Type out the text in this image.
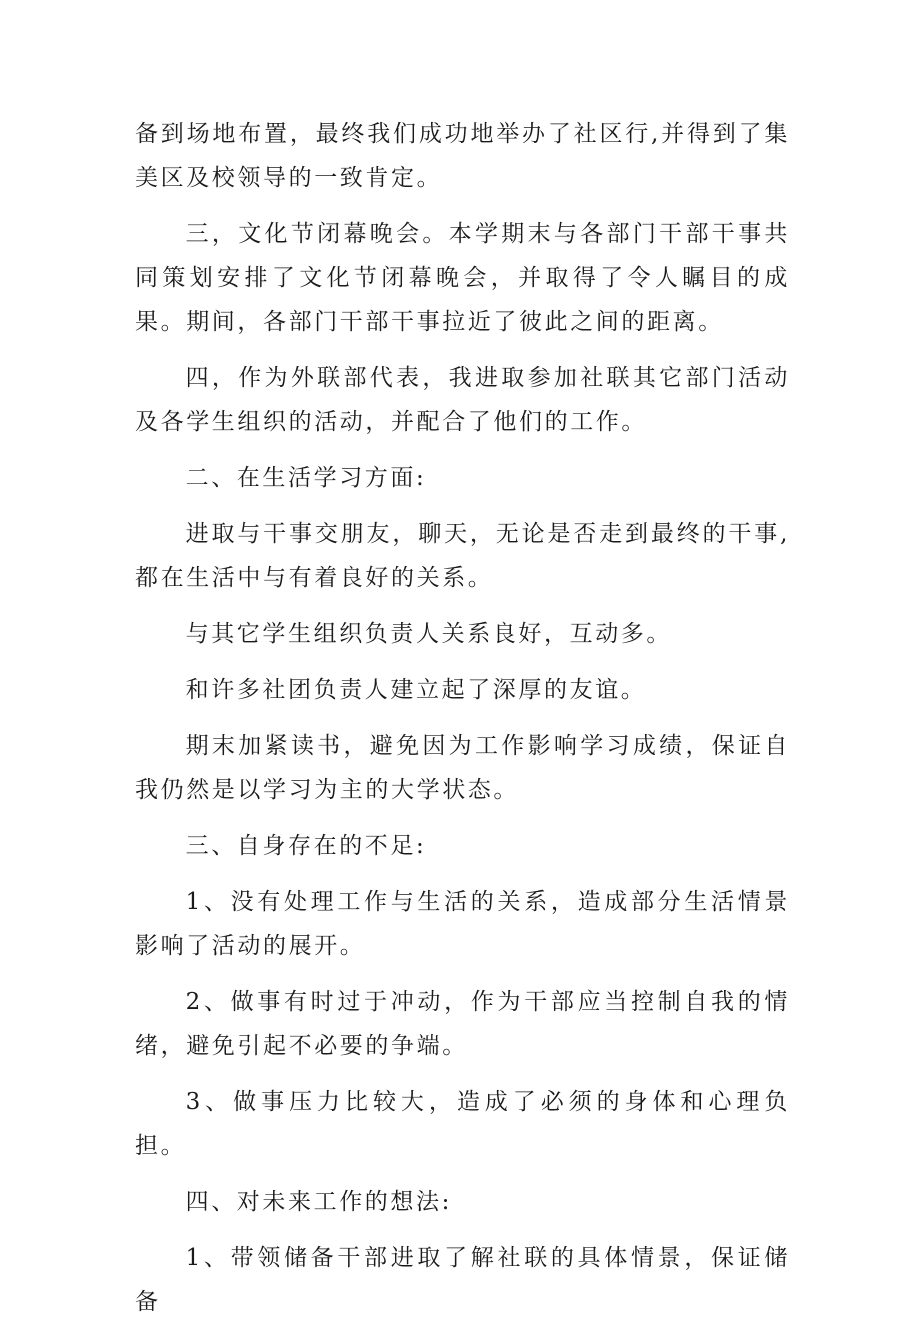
备到场地布置，最终我们成功地举办了社区行,并得到了集美区及校领导的一致肯定。

三，文化节闭幕晚会。本学期末与各部门干部干事共同策划安排了文化节闭幕晚会，并取得了令人瞩目的成果。期间，各部门干部干事拉近了彼此之间的距离。

四，作为外联部代表，我进取参加社联其它部门活动及各学生组织的活动，并配合了他们的工作。

二、在生活学习方面:

进取与干事交朋友，聊天，无论是否走到最终的干事,都在生活中与有着良好的关系。

与其它学生组织负责人关系良好，互动多。

和许多社团负责人建立起了深厚的友谊。

期末加紧读书，避免因为工作影响学习成绩，保证自我仍然是以学习为主的大学状态。

三、自身存在的不足:

1、没有处理工作与生活的关系，造成部分生活情景影响了活动的展开。

2、做事有时过于冲动，作为干部应当控制自我的情绪，避免引起不必要的争端。

3、做事压力比较大，造成了必须的身体和心理负担。

四、对未来工作的想法:

1、带领储备干部进取了解社联的具体情景，保证储备
